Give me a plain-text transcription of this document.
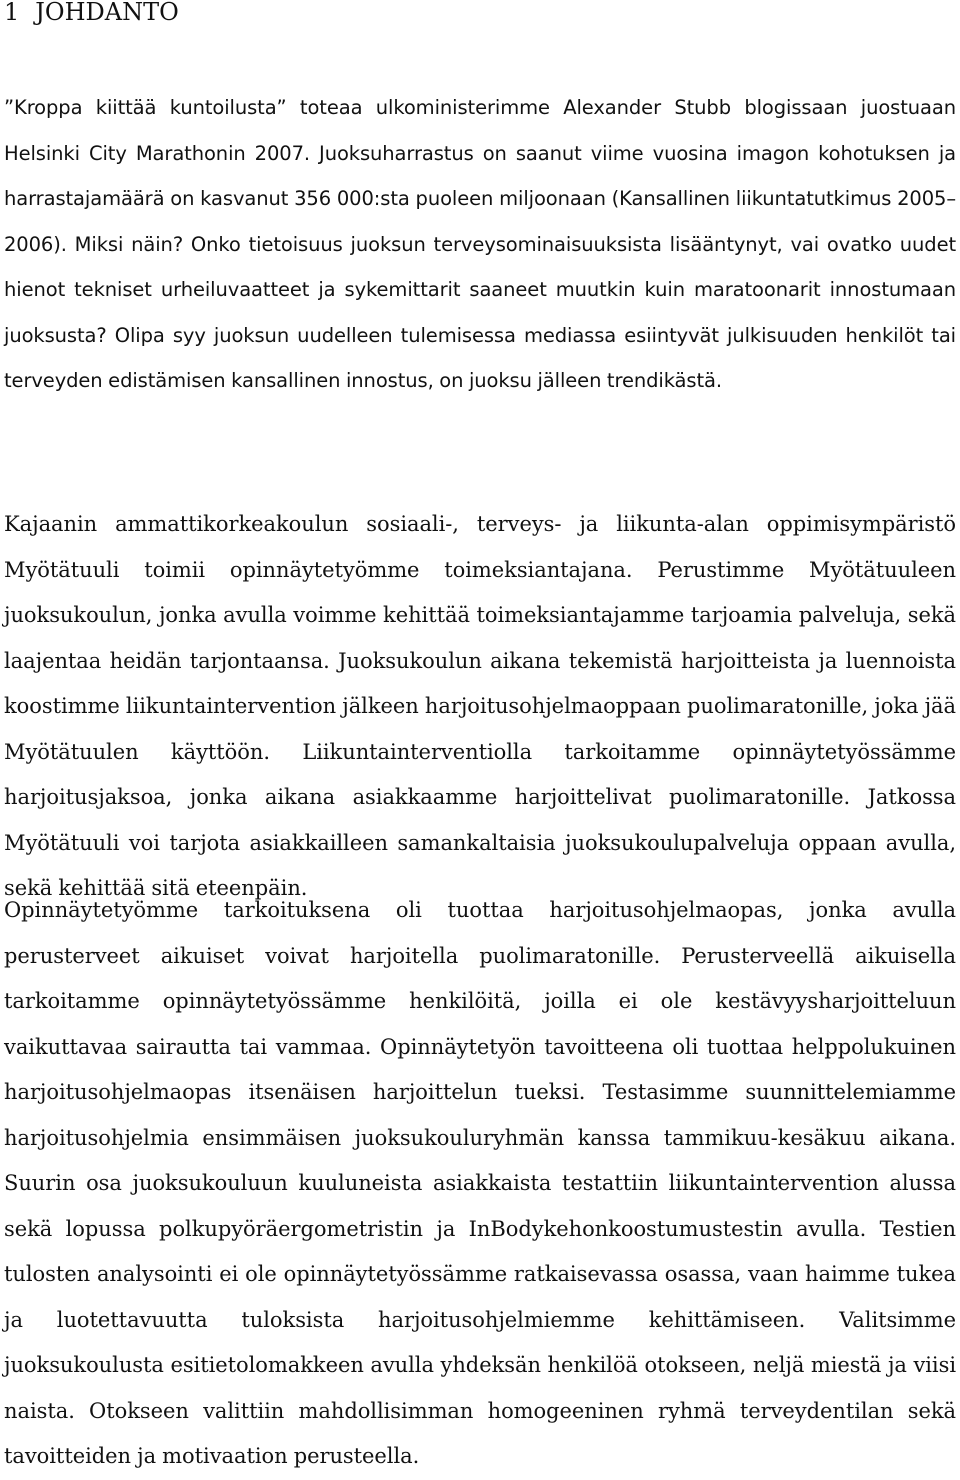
1 JOHDANTO

”Kroppa kiittää kuntoilusta” toteaa ulkoministerimme Alexander Stubb blogissaan juostuaan Helsinki City Marathonin 2007. Juoksuharrastus on saanut viime vuosina imagon kohotuksen ja harrastajamäärä on kasvanut 356 000:sta puoleen miljoonaan (Kansallinen liikuntatutkimus 2005–2006). Miksi näin? Onko tietoisuus juoksun terveysominaisuuksista lisääntynyt, vai ovatko uudet hienot tekniset urheiluvaatteet ja sykemittarit saaneet muutkin kuin maratoonarit innostumaan juoksusta? Olipa syy juoksun uudelleen tulemisessa mediassa esiintyvät julkisuuden henkilöt tai terveyden edistämisen kansallinen innostus, on juoksu jälleen trendikästä.

Kajaanin ammattikorkeakoulun sosiaali-, terveys- ja liikunta-alan oppimisympäristö Myötätuuli toimii opinnäytetyömme toimeksiantajana. Perustimme Myötätuuleen juoksukoulun, jonka avulla voimme kehittää toimeksiantajamme tarjoamia palveluja, sekä laajentaa heidän tarjontaansa. Juoksukoulun aikana tekemistä harjoitteista ja luennoista koostimme liikuntaintervention jälkeen harjoitusohjelmaoppaan puolimaratonille, joka jää Myötätuulen käyttöön. Liikuntainterventiolla tarkoitamme opinnäytetyössämme harjoitusjaksoa, jonka aikana asiakkaamme harjoittelivat puolimaratonille. Jatkossa Myötätuuli voi tarjota asiakkailleen samankaltaisia juoksukoulupalveluja oppaan avulla, sekä kehittää sitä eteenpäin.

Opinnäytetyömme tarkoituksena oli tuottaa harjoitusohjelmaopas, jonka avulla perusterveet aikuiset voivat harjoitella puolimaratonille. Perusterveellä aikuisella tarkoitamme opinnäytetyössämme henkilöitä, joilla ei ole kestävyysharjoitteluun vaikuttavaa sairautta tai vammaa. Opinnäytetyön tavoitteena oli tuottaa helppolukuinen harjoitusohjelmaopas itsenäisen harjoittelun tueksi. Testasimme suunnittelemiamme harjoitusohjelmia ensimmäisen juoksukouluryhmän kanssa tammikuu-kesäkuu aikana. Suurin osa juoksukouluun kuuluneista asiakkaista testattiin liikuntaintervention alussa sekä lopussa polkupyöräergometristin ja InBodykehonkoostumustestin avulla. Testien tulosten analysointi ei ole opinnäytetyössämme ratkaisevassa osassa, vaan haimme tukea ja luotettavuutta tuloksista harjoitusohjelmiemme kehittämiseen. Valitsimme juoksukoulusta esitietolomakkeen avulla yhdeksän henkilöä otokseen, neljä miestä ja viisi naista. Otokseen valittiin mahdollisimman homogeeninen ryhmä terveydentilan sekä tavoitteiden ja motivaation perusteella.
